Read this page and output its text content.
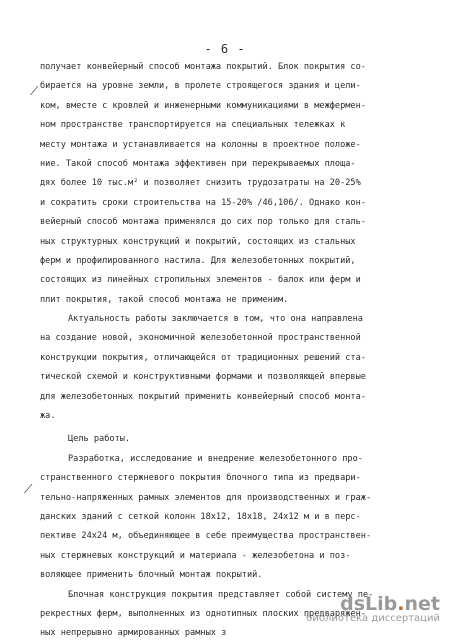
- 6 -
⟋
⟋
получает конвейерный способ монтажа покрытий. Блок покрытия со-
бирается на уровне земли, в пролете строящегося здания и цели-
ком, вместе с кровлей и инженерными коммуникациями в межфермен-
ном пространстве транспортируется на специальных тележках к
месту монтажа и устанавливается на колонны в проектное положе-
ние. Такой способ монтажа эффективен при перекрываемых площа-
дях более 10 тыс.м² и позволяет снизить трудозатраты на 20-25%
и сократить сроки строительства на 15-20% /46,106/. Однако кон-
вейерный способ монтажа применялся до сих пор только для сталь-
ных структурных конструкций и покрытий, состоящих из стальных
ферм и профилированного настила. Для железобетонных покрытий,
состоящих из линейных стропильных элементов - балок или ферм и
плит покрытия, такой способ монтажа не применим.
Актуальность работы заключается в том, что она направлена
на создание новой, экономичной железобетонной пространственной
конструкции покрытия, отличающейся от традиционных решений ста-
тической схемой и конструктивными формами и позволяющей впервые
для железобетонных покрытий применить конвейерный способ монта-
жа.
Цель работы.
Разработка, исследование и внедрение железобетонного про-
странственного стержневого покрытия блочного типа из предвари-
тельно-напряженных рамных элементов для производственных и граж-
данских зданий с сеткой колонн 18х12, 18х18, 24х12 м и в перс-
пективе 24х24 м, объединяющее в себе преимущества пространствен-
ных стержневых конструкций и материала - железобетона и поз-
воляющее применить блочный монтаж покрытий.
Блочная конструкция покрытия представляет собой систему пе-
рекрестных ферм, выполненных из однотипных плоских предваряжен-
ных непрерывно армированных рамных з
dsLib.net
библиотека диссертаций
